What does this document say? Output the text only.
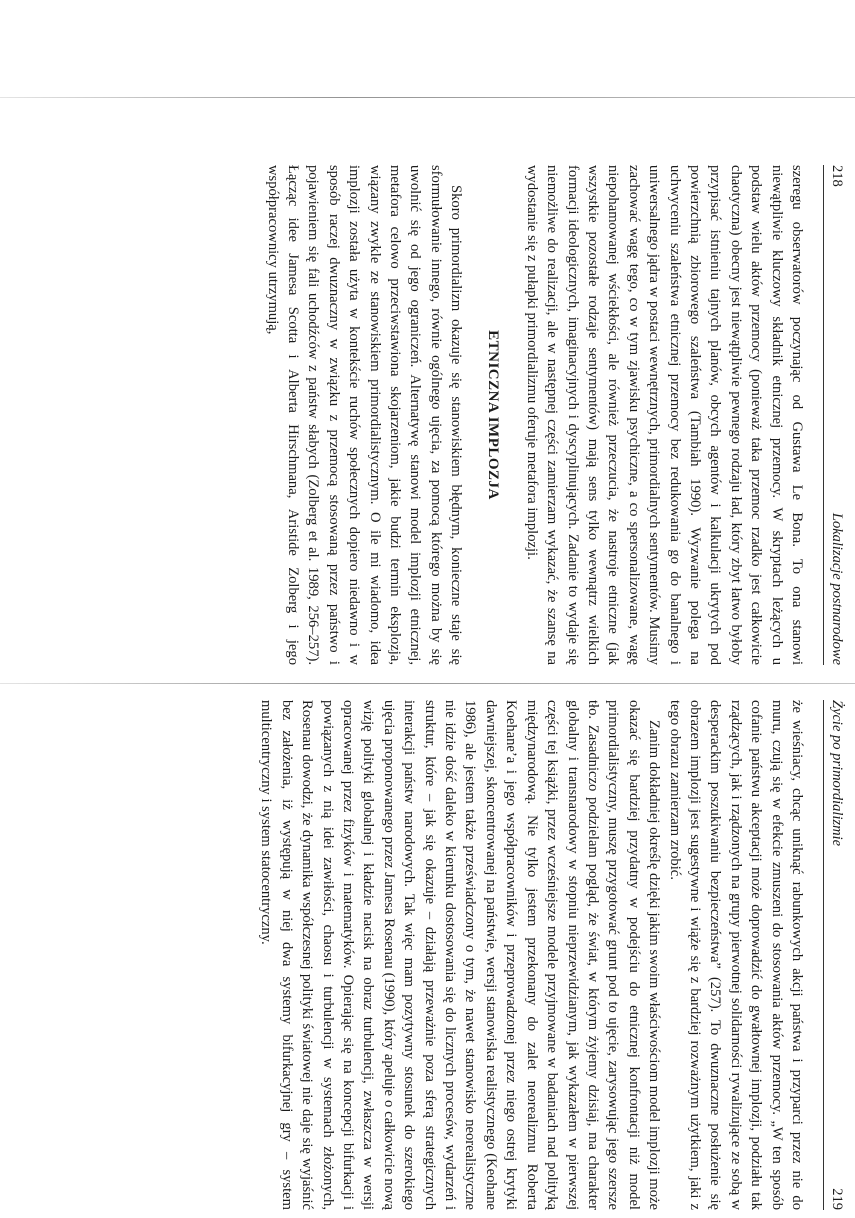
218
Lokalizacje postnarodowe

szeregu obserwatorów poczynając od Gustawa Le Bona. To ona stanowi niewątpliwie kluczowy składnik etnicznej przemocy. W skryptach leżących u podstaw wielu aktów przemocy (ponieważ taka przemoc rzadko jest całkowicie chaotyczna) obecny jest niewątpliwie pewnego rodzaju ład, który zbyt łatwo byłoby przypisać istnieniu tajnych planów, obcych agentów i kalkulacji ukrytych pod powierzchnią zbiorowego szaleństwa (Tambiah 1990). Wyzwanie polega na uchwyceniu szaleństwa etnicznej przemocy bez redukowania go do banalnego i uniwersalnego jądra w postaci wewnętrznych, primordialnych sentymentów. Musimy zachować wagę tego, co w tym zjawisku psychiczne, a co spersonalizowane, wagę niepohamowanej wściekłości, ale również przeczucia, że nastroje etniczne (jak wszystkie pozostałe rodzaje sentymentów) mają sens tylko wewnątrz wielkich formacji ideologicznych, imaginacyjnych i dyscyplinujących. Zadanie to wydaje się niemożliwe do realizacji, ale w następnej części zamierzam wykazać, że szansę na wydostanie się z pułapki primordializmu oferuje metafora implozji.

ETNICZNA IMPLOZJA

Skoro primordializm okazuje się stanowiskiem błędnym, konieczne staje się sformułowanie innego, równie ogólnego ujęcia, za pomocą którego można by się uwolnić się od jego ograniczeń. Alternatywę stanowi model implozji etnicznej, metafora celowo przeciwstawiona skojarzeniom, jakie budzi termin eksplozja, wiązany zwykle ze stanowiskiem primordialistycznym. O ile mi wiadomo, idea implozji została użyta w kontekście ruchów społecznych dopiero niedawno i w sposób raczej dwuznaczny w związku z przemocą stosowaną przez państwo i pojawieniem się fali uchodźców z państw słabych (Zolberg et al. 1989, 256–257). Łącząc idee Jamesa Scotta i Alberta Hirschmana, Aristide Zolberg i jego współpracownicy utrzymują,

Życie po primordializmie
219

że wieśniacy, chcąc uniknąć rabunkowych akcji państwa i przyparci przez nie do muru, czują się w efekcie zmuszeni do stosowania aktów przemocy. „W ten sposób cofanie państwu akceptacji może doprowadzić do gwałtownej implozji, podziału tak rządzących, jak i rządzonych na grupy pierwotnej solidarności rywalizujące ze sobą w desperackim poszukiwaniu bezpieczeństwa” (257). To dwuznaczne posłużenie się obrazem implozji jest sugestywne i wiąże się z bardziej rozważnym użytkiem, jaki z tego obrazu zamierzam zrobić.

Zanim dokładniej określę dzięki jakim swoim właściwościom model implozji może okazać się bardziej przydatny w podejściu do etnicznej konfrontacji niż model primordialistyczny, muszę przygotować grunt pod to ujęcie, zarysowując jego szersze tło. Zasadniczo podzielam pogląd, że świat, w którym żyjemy dzisiaj, ma charakter globalny i transnarodowy w stopniu nieprzewidzianym, jak wykazałem w pierwszej części tej książki, przez wcześniejsze modele przyjmowane w badaniach nad polityką międzynarodową. Nie tylko jestem przekonany do zalet neorealizmu Roberta Koehane’a i jego współpracowników i przeprowadzonej przez niego ostrej krytyki dawniejszej, skoncentrowanej na państwie, wersji stanowiska realistycznego (Keohane 1986), ale jestem także przeświadczony o tym, że nawet stanowisko neorealistyczne nie idzie dość daleko w kierunku dostosowania się do licznych procesów, wydarzeń i struktur, które – jak się okazuje – działają przeważnie poza sferą strategicznych interakcji państw narodowych. Tak więc mam pozytywny stosunek do szerokiego ujęcia proponowanego przez Jamesa Rosenau (1990), który apeluje o całkowicie nową wizję polityki globalnej i kładzie nacisk na obraz turbulencji, zwłaszcza w wersji opracowanej przez fizyków i matematyków. Opierając się na koncepcji bifurkacji i powiązanych z nią idei zawiłości, chaosu i turbulencji w systemach złożonych, Rosenau dowodzi, że dynamika współczesnej polityki światowej nie daje się wyjaśnić bez założenia, iż występują w niej dwa systemy bifurkacyjnej gry – system multicentryczny i system statocentryczny.
